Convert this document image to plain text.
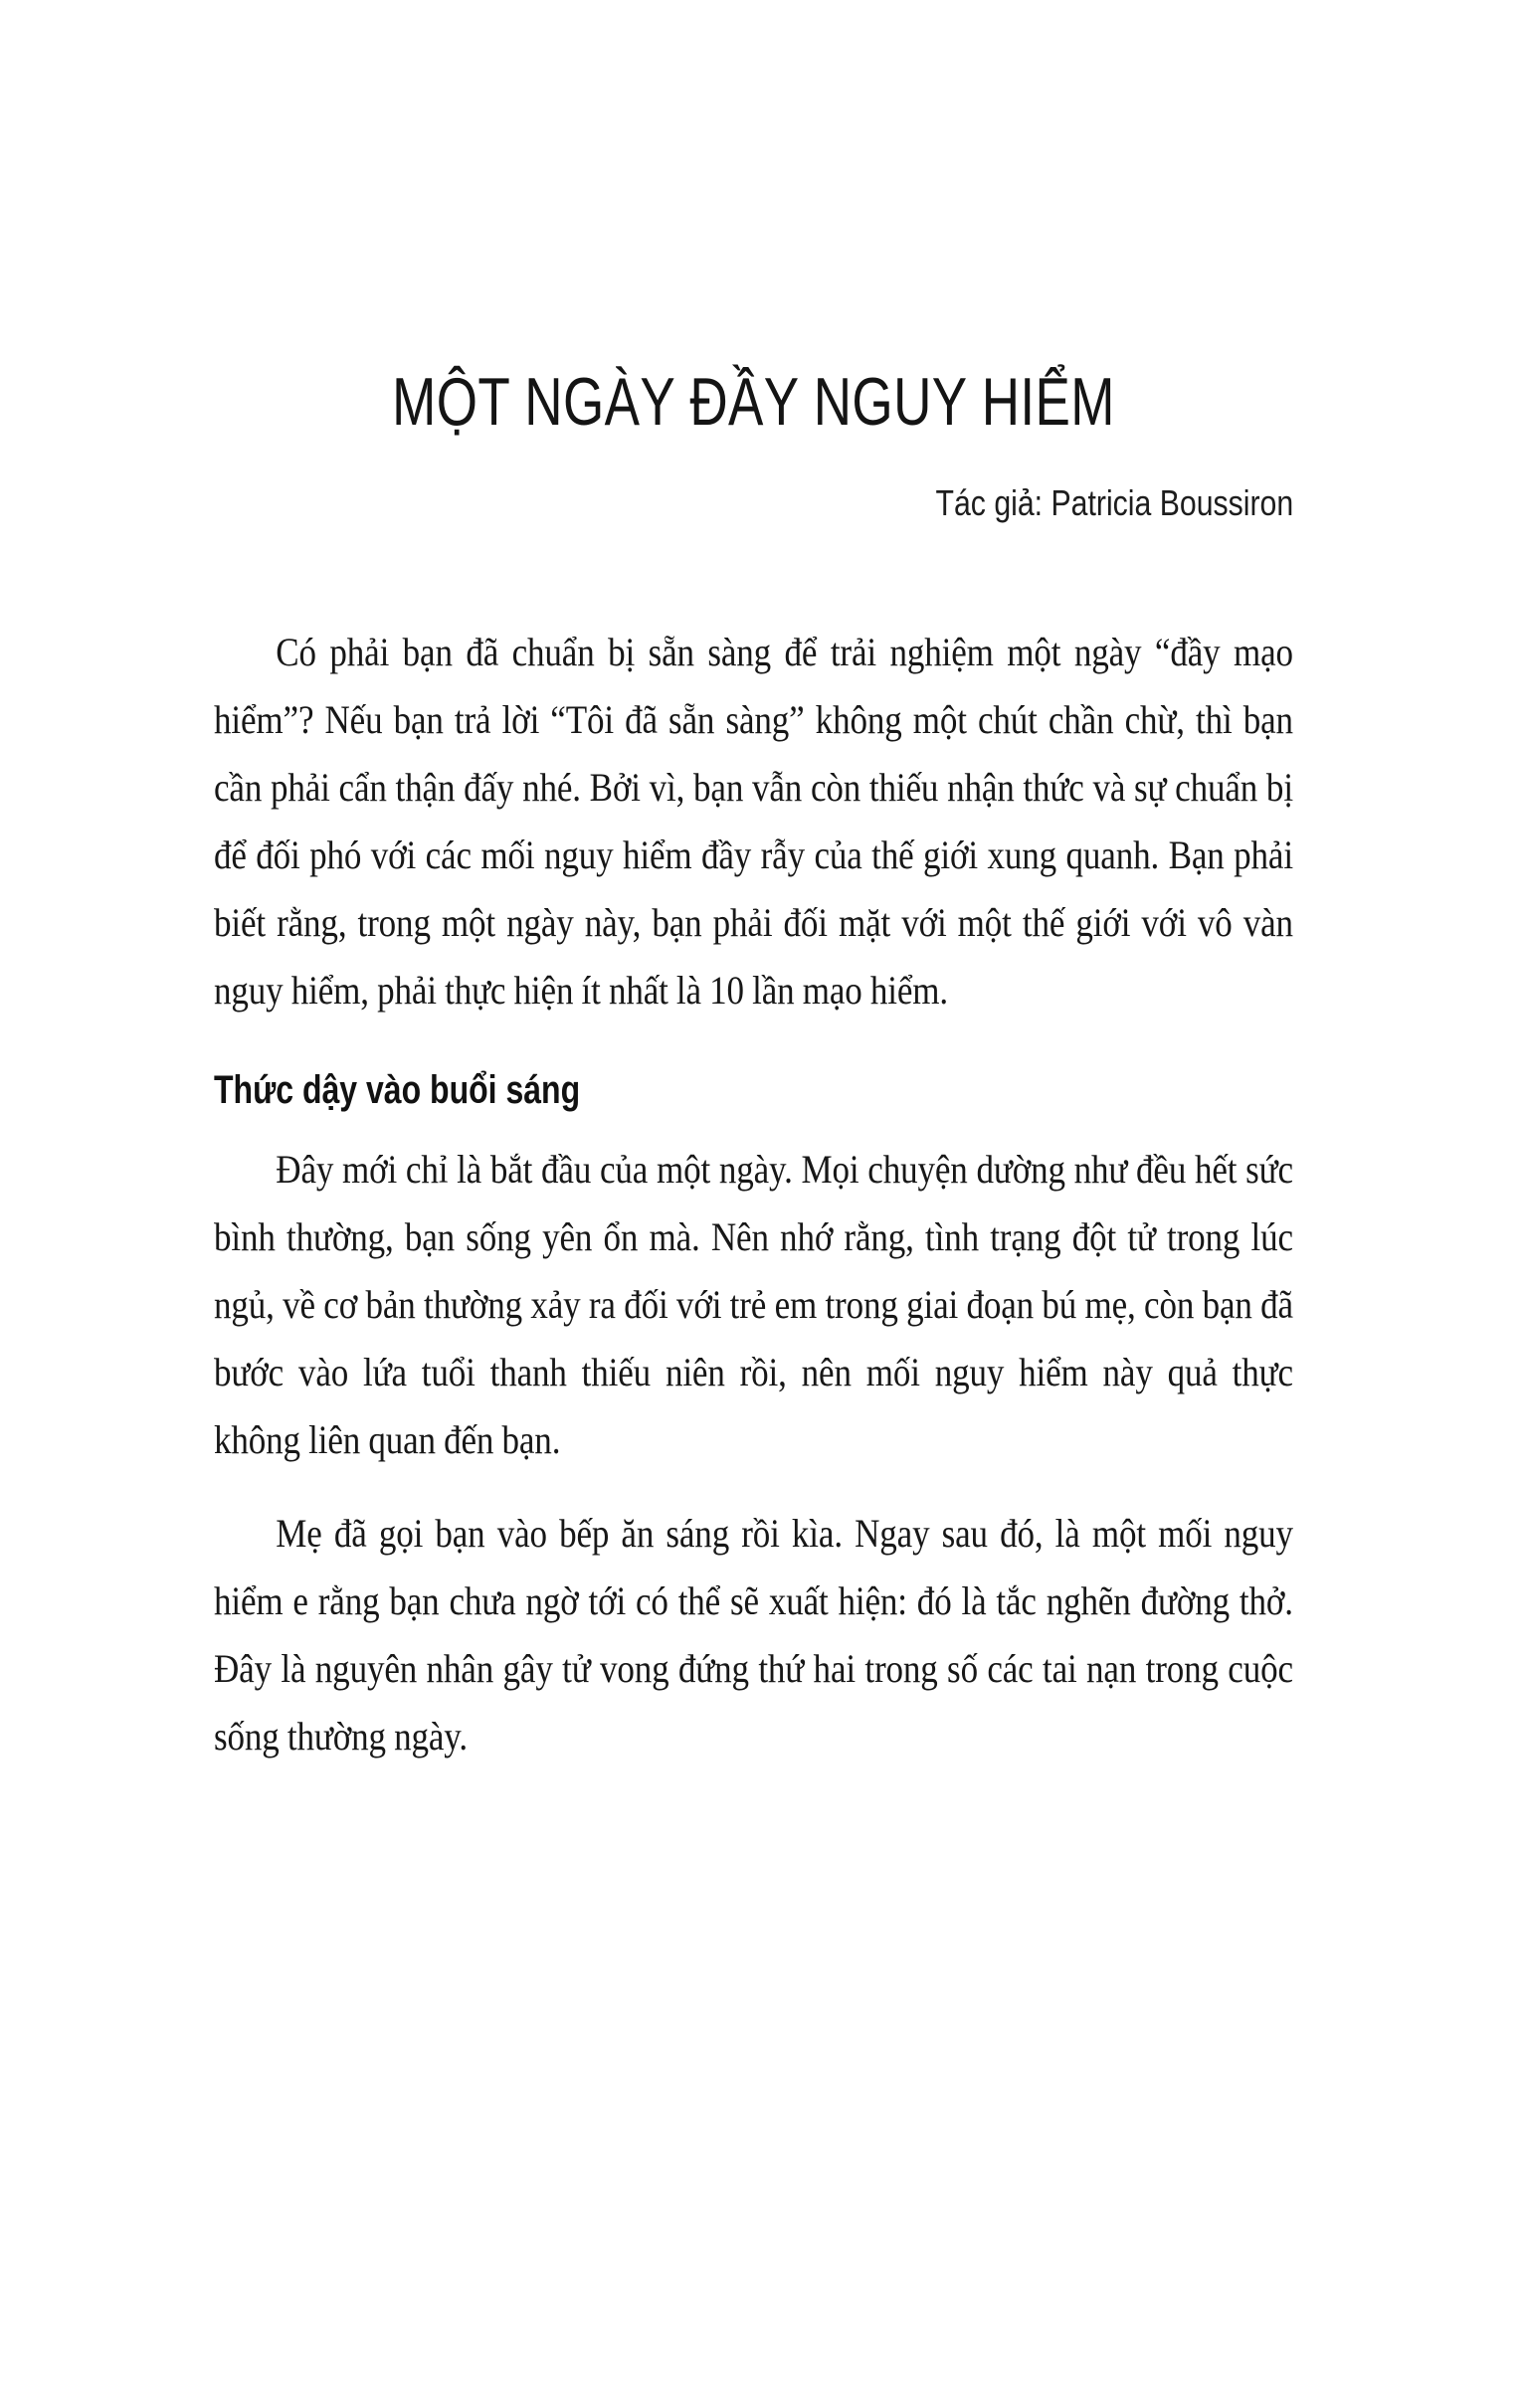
MỘT NGÀY ĐẦY NGUY HIỂM
Tác giả: Patricia Boussiron

Có phải bạn đã chuẩn bị sẵn sàng để trải nghiệm một ngày “đầy mạo hiểm”? Nếu bạn trả lời “Tôi đã sẵn sàng” không một chút chần chừ, thì bạn cần phải cẩn thận đấy nhé. Bởi vì, bạn vẫn còn thiếu nhận thức và sự chuẩn bị để đối phó với các mối nguy hiểm đầy rẫy của thế giới xung quanh. Bạn phải biết rằng, trong một ngày này, bạn phải đối mặt với một thế giới với vô vàn nguy hiểm, phải thực hiện ít nhất là 10 lần mạo hiểm.

Thức dậy vào buổi sáng

Đây mới chỉ là bắt đầu của một ngày. Mọi chuyện dường như đều hết sức bình thường, bạn sống yên ổn mà. Nên nhớ rằng, tình trạng đột tử trong lúc ngủ, về cơ bản thường xảy ra đối với trẻ em trong giai đoạn bú mẹ, còn bạn đã bước vào lứa tuổi thanh thiếu niên rồi, nên mối nguy hiểm này quả thực không liên quan đến bạn.

Mẹ đã gọi bạn vào bếp ăn sáng rồi kìa. Ngay sau đó, là một mối nguy hiểm e rằng bạn chưa ngờ tới có thể sẽ xuất hiện: đó là tắc nghẽn đường thở. Đây là nguyên nhân gây tử vong đứng thứ hai trong số các tai nạn trong cuộc sống thường ngày.
